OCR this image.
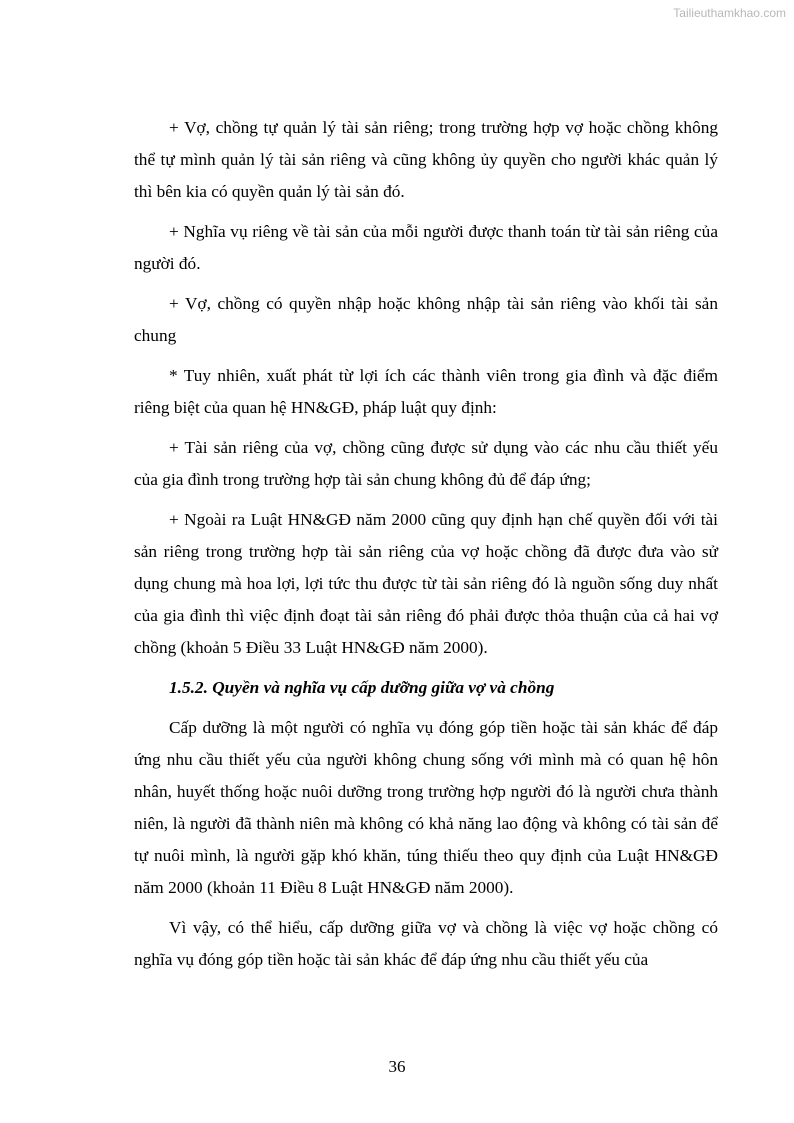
Tailieuthamkhao.com

+ Vợ, chồng tự quản lý tài sản riêng; trong trường hợp vợ hoặc chồng không thể tự mình quản lý tài sản riêng và cũng không ủy quyền cho người khác quản lý thì bên kia có quyền quản lý tài sản đó.

+ Nghĩa vụ riêng về tài sản của mỗi người được thanh toán từ tài sản riêng của người đó.

+ Vợ, chồng có quyền nhập hoặc không nhập tài sản riêng vào khối tài sản chung

* Tuy nhiên, xuất phát từ lợi ích các thành viên trong gia đình và đặc điểm riêng biệt của quan hệ HN&GĐ, pháp luật quy định:

+ Tài sản riêng của vợ, chồng cũng được sử dụng vào các nhu cầu thiết yếu của gia đình trong trường hợp tài sản chung không đủ để đáp ứng;

+ Ngoài ra Luật HN&GĐ năm 2000 cũng quy định hạn chế quyền đối với tài sản riêng trong trường hợp tài sản riêng của vợ hoặc chồng đã được đưa vào sử dụng chung mà hoa lợi, lợi tức thu được từ tài sản riêng đó là nguồn sống duy nhất của gia đình thì việc định đoạt tài sản riêng đó phải được thỏa thuận của cả hai vợ chồng (khoản 5 Điều 33 Luật HN&GĐ năm 2000).

1.5.2. Quyền và nghĩa vụ cấp dưỡng giữa vợ và chồng

Cấp dưỡng là một người có nghĩa vụ đóng góp tiền hoặc tài sản khác để đáp ứng nhu cầu thiết yếu của người không chung sống với mình mà có quan hệ hôn nhân, huyết thống hoặc nuôi dưỡng trong trường hợp người đó là người chưa thành niên, là người đã thành niên mà không có khả năng lao động và không có tài sản để tự nuôi mình, là người gặp khó khăn, túng thiếu theo quy định của Luật HN&GĐ năm 2000 (khoản 11 Điều 8 Luật HN&GĐ năm 2000).

Vì vậy, có thể hiểu, cấp dưỡng giữa vợ và chồng là việc vợ hoặc chồng có nghĩa vụ đóng góp tiền hoặc tài sản khác để đáp ứng nhu cầu thiết yếu của

36
